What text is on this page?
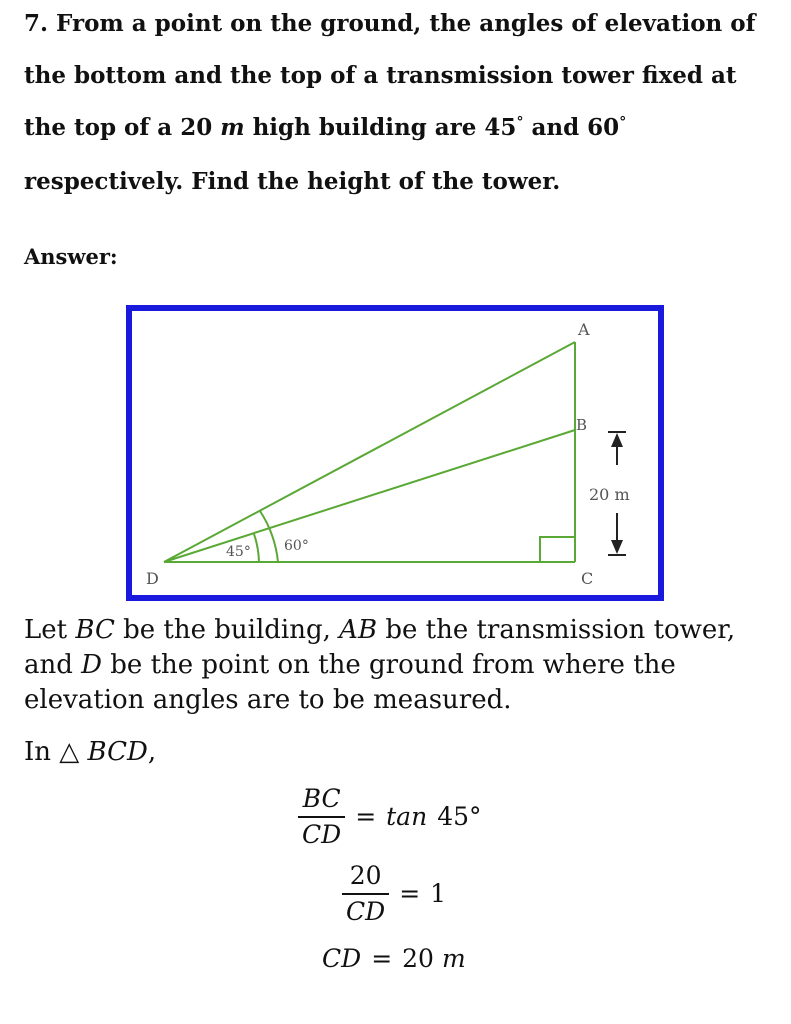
7. From a point on the ground, the angles of elevation of

the bottom and the top of a transmission tower fixed at

the top of a 20 m high building are 45° and 60°

respectively. Find the height of the tower.

Answer:

A
B
C
D
45° 60°
20 m
Let BC be the building, AB be the transmission tower, and D be the point on the ground from where the elevation angles are to be measured.
In △ BCD,
$\frac{BC}{CD} = \tan 45^\circ$
$\frac{20}{CD} = 1$
CD = 20 m
